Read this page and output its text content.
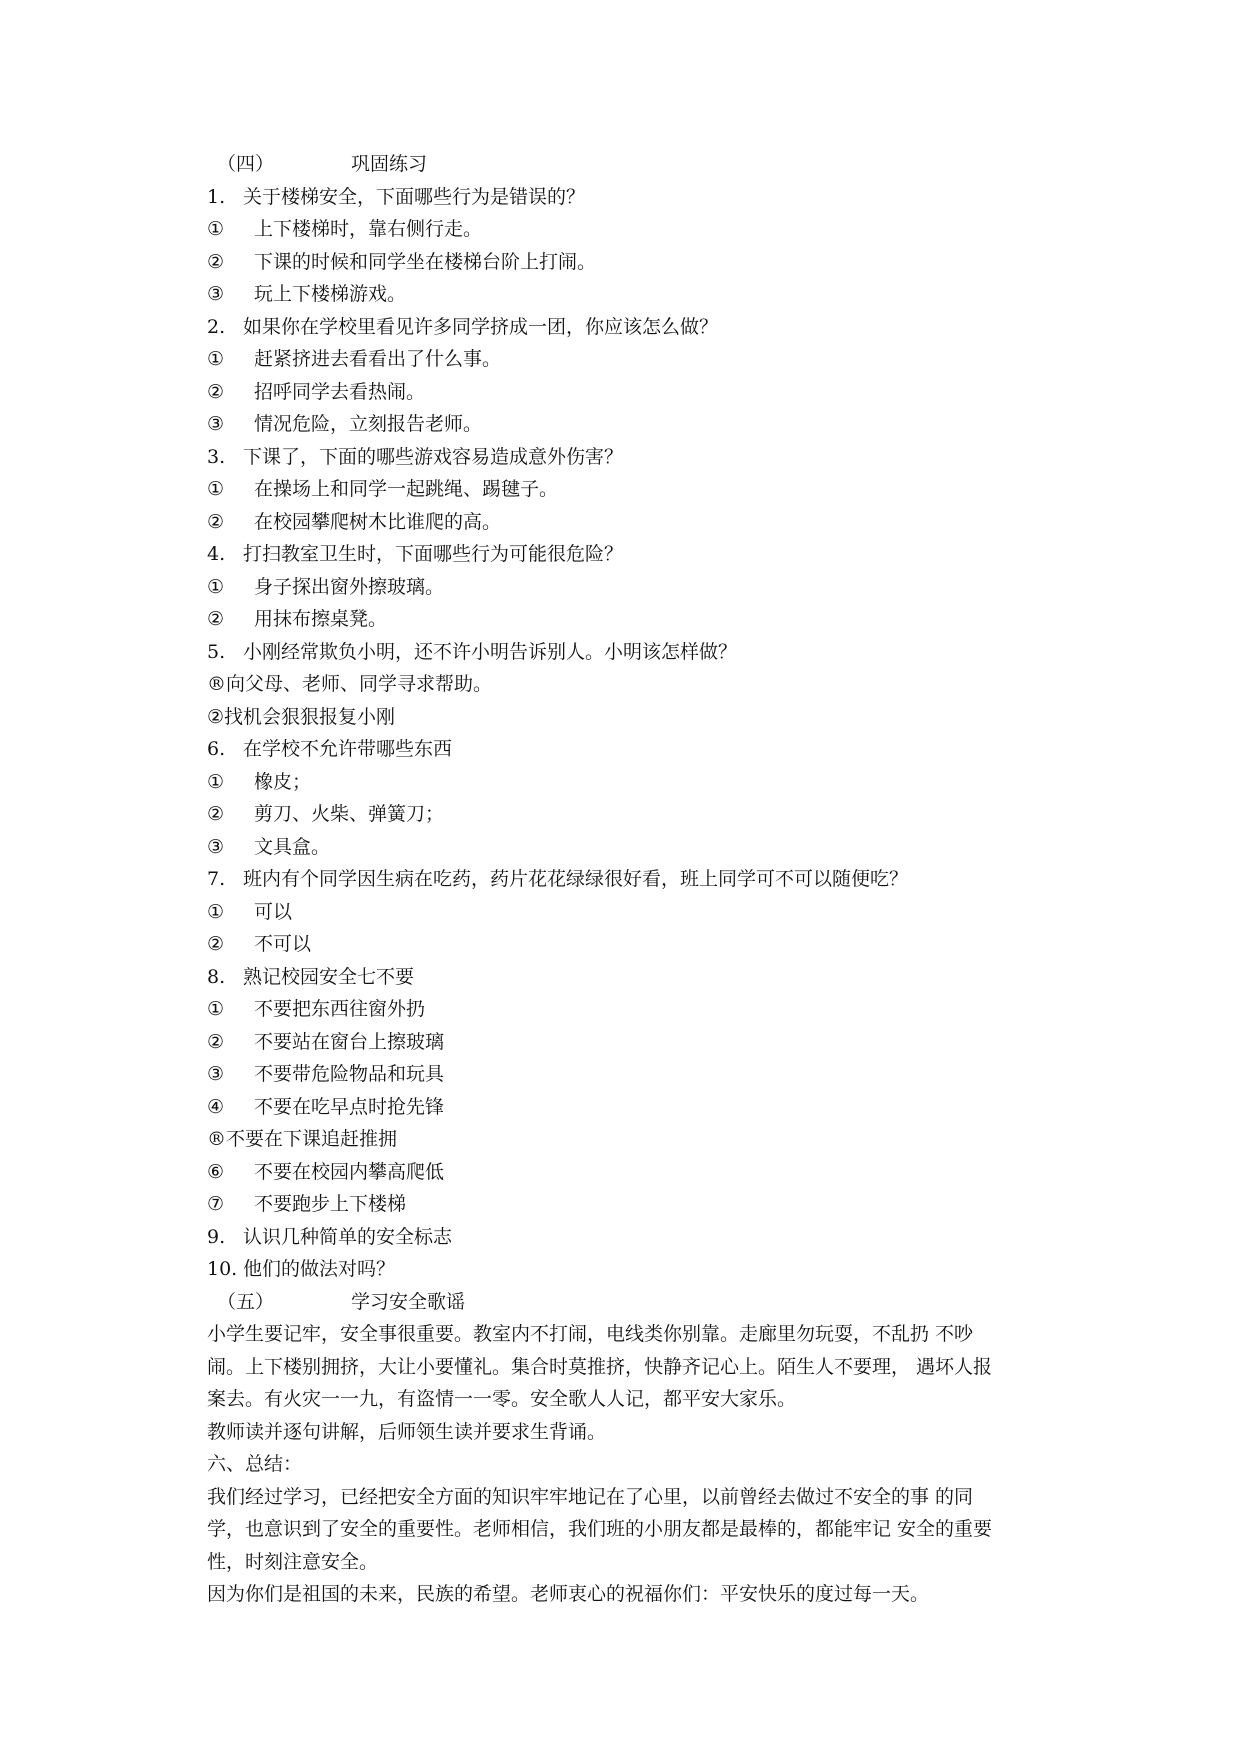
（四）	巩固练习
1. 关于楼梯安全，下面哪些行为是错误的？
① 上下楼梯时，靠右侧行走。
② 下课的时候和同学坐在楼梯台阶上打闹。
③ 玩上下楼梯游戏。
2. 如果你在学校里看见许多同学挤成一团，你应该怎么做？
① 赶紧挤进去看看出了什么事。
② 招呼同学去看热闹。
③ 情况危险，立刻报告老师。
3. 下课了，下面的哪些游戏容易造成意外伤害？
① 在操场上和同学一起跳绳、踢毽子。
② 在校园攀爬树木比谁爬的高。
4. 打扫教室卫生时，下面哪些行为可能很危险？
① 身子探出窗外擦玻璃。
② 用抹布擦桌凳。
5. 小刚经常欺负小明，还不许小明告诉别人。小明该怎样做？
®向父母、老师、同学寻求帮助。
②找机会狠狠报复小刚
6. 在学校不允许带哪些东西
① 橡皮；
② 剪刀、火柴、弹簧刀；
③ 文具盒。
7. 班内有个同学因生病在吃药，药片花花绿绿很好看，班上同学可不可以随便吃？
① 可以
② 不可以
8. 熟记校园安全七不要
① 不要把东西往窗外扔
② 不要站在窗台上擦玻璃
③ 不要带危险物品和玩具
④ 不要在吃早点时抢先锋
®不要在下课追赶推拥
⑥ 不要在校园内攀高爬低
⑦ 不要跑步上下楼梯
9. 认识几种简单的安全标志
10. 他们的做法对吗？
（五）	学习安全歌谣
小学生要记牢，安全事很重要。教室内不打闹，电线类你别靠。走廊里勿玩耍，不乱扔 不吵
闹。上下楼别拥挤，大让小要懂礼。集合时莫推挤，快静齐记心上。陌生人不要理， 遇坏人报
案去。有火灾一一九，有盗情一一零。安全歌人人记，都平安大家乐。
教师读并逐句讲解，后师领生读并要求生背诵。
六、总结：
我们经过学习，已经把安全方面的知识牢牢地记在了心里，以前曾经去做过不安全的事 的同
学，也意识到了安全的重要性。老师相信，我们班的小朋友都是最棒的，都能牢记 安全的重要
性，时刻注意安全。
因为你们是祖国的未来，民族的希望。老师衷心的祝福你们：平安快乐的度过每一天。
